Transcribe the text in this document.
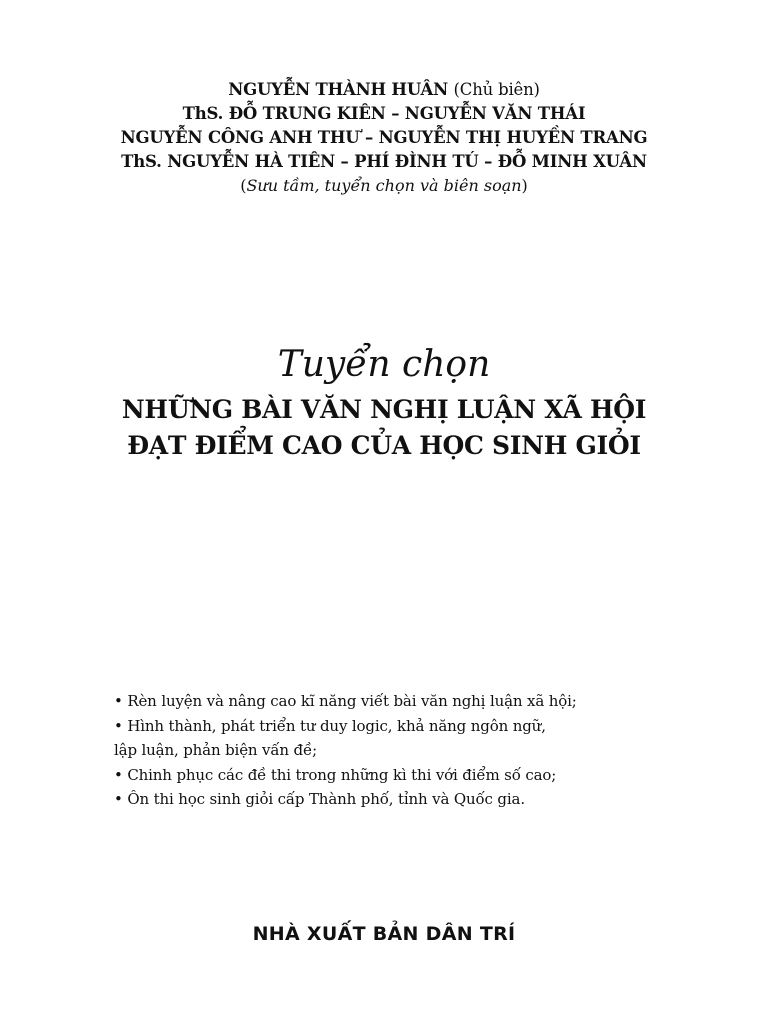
NGUYỄN THÀNH HUÂN (Chủ biên)
ThS. ĐỖ TRUNG KIÊN – NGUYỄN VĂN THÁI
NGUYỄN CÔNG ANH THƯ – NGUYỄN THỊ HUYỀN TRANG
ThS. NGUYỄN HÀ TIÊN – PHÍ ĐÌNH TÚ – ĐỖ MINH XUÂN
(Sưu tầm, tuyển chọn và biên soạn)
Tuyển chọn
NHỮNG BÀI VĂN NGHỊ LUẬN XÃ HỘI
ĐẠT ĐIỂM CAO CỦA HỌC SINH GIỎI
• Rèn luyện và nâng cao kĩ năng viết bài văn nghị luận xã hội;
• Hình thành, phát triển tư duy logic, khả năng ngôn ngữ,
lập luận, phản biện vấn đề;
• Chinh phục các đề thi trong những kì thi với điểm số cao;
• Ôn thi học sinh giỏi cấp Thành phố, tỉnh và Quốc gia.
NHÀ XUẤT BẢN DÂN TRÍ
